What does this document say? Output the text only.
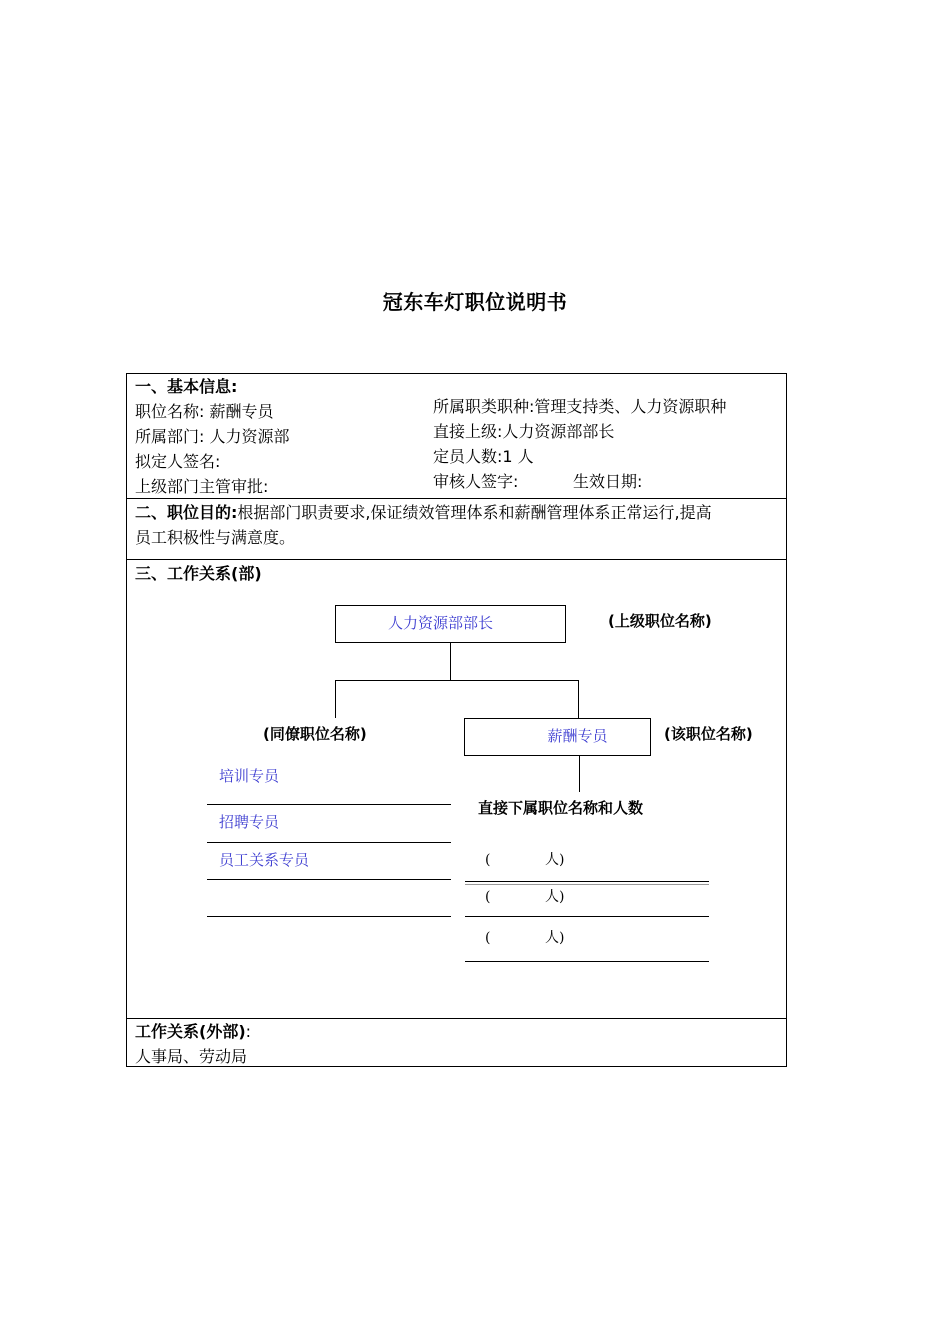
冠东车灯职位说明书
一、基本信息:
职位名称: 薪酬专员
所属部门: 人力资源部
拟定人签名:
上级部门主管审批:
所属职类职种:管理支持类、人力资源职种
直接上级:人力资源部部长
定员人数:1 人
审核人签字:	生效日期:
二、职位目的:根据部门职责要求,保证绩效管理体系和薪酬管理体系正常运行,提高
员工积极性与满意度。
三、工作关系(部)
人力资源部部长	(上级职位名称)
(同僚职位名称)	薪酬专员	(该职位名称)
培训专员
招聘专员
员工关系专员
直接下属职位名称和人数
(	人)
(	人)
(	人)
工作关系(外部):
人事局、劳动局
